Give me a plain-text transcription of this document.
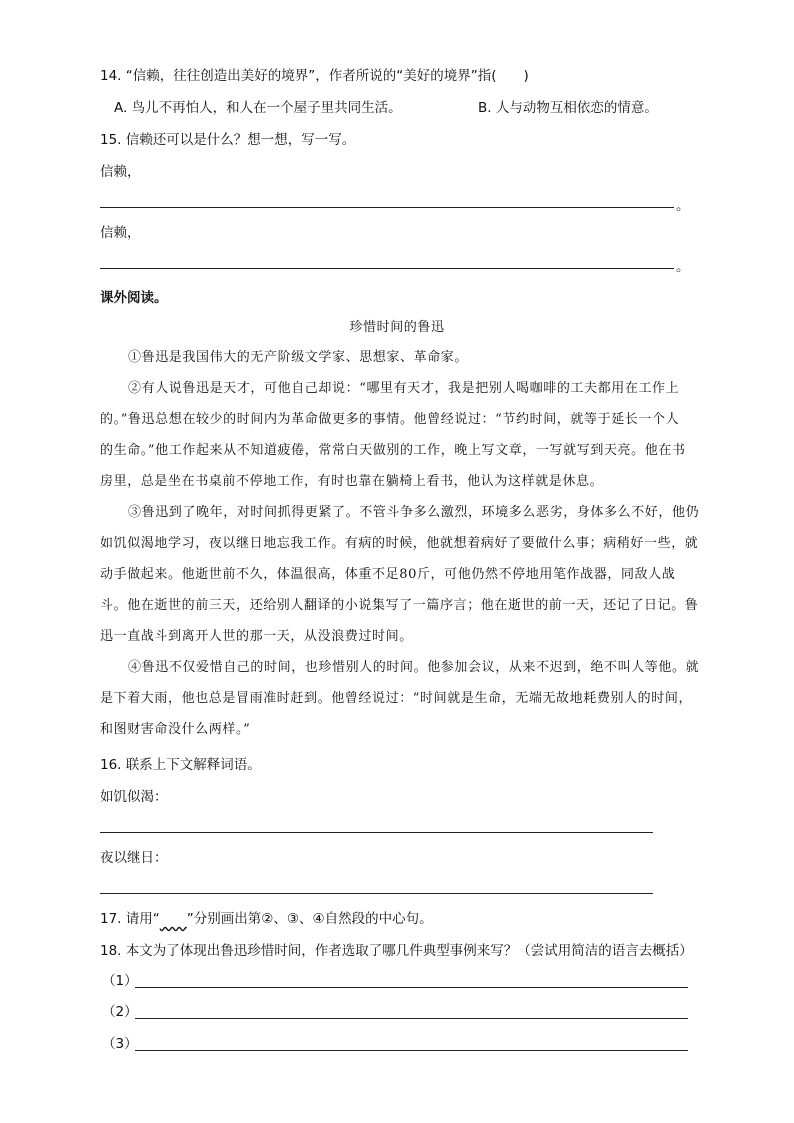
14. “信赖，往往创造出美好的境界”，作者所说的“美好的境界”指(　　)
A. 鸟儿不再怕人，和人在一个屋子里共同生活。	B. 人与动物互相依恋的情意。
15. 信赖还可以是什么？想一想，写一写。
信赖，
。
信赖，
。
课外阅读。
珍惜时间的鲁迅
①鲁迅是我国伟大的无产阶级文学家、思想家、革命家。
②有人说鲁迅是天才，可他自己却说：“哪里有天才，我是把别人喝咖啡的工夫都用在工作上
的。”鲁迅总想在较少的时间内为革命做更多的事情。他曾经说过：“节约时间，就等于延长一个人
的生命。”他工作起来从不知道疲倦，常常白天做别的工作，晚上写文章，一写就写到天亮。他在书
房里，总是坐在书桌前不停地工作，有时也靠在躺椅上看书，他认为这样就是休息。
③鲁迅到了晚年，对时间抓得更紧了。不管斗争多么激烈，环境多么恶劣，身体多么不好，他仍
如饥似渴地学习，夜以继日地忘我工作。有病的时候，他就想着病好了要做什么事；病稍好一些，就
动手做起来。他逝世前不久，体温很高，体重不足80斤，可他仍然不停地用笔作战器，同敌人战
斗。他在逝世的前三天，还给别人翻译的小说集写了一篇序言；他在逝世的前一天，还记了日记。鲁
迅一直战斗到离开人世的那一天，从没浪费过时间。
④鲁迅不仅爱惜自己的时间，也珍惜别人的时间。他参加会议，从来不迟到，绝不叫人等他。就
是下着大雨，他也总是冒雨准时赶到。他曾经说过：“时间就是生命，无端无故地耗费别人的时间，
和图财害命没什么两样。”
16. 联系上下文解释词语。
如饥似渴：
夜以继日：
17. 请用“　　 ”分别画出第②、③、④自然段的中心句。
18. 本文为了体现出鲁迅珍惜时间，作者选取了哪几件典型事例来写？（尝试用简洁的语言去概括）
（1）
（2）
（3）
